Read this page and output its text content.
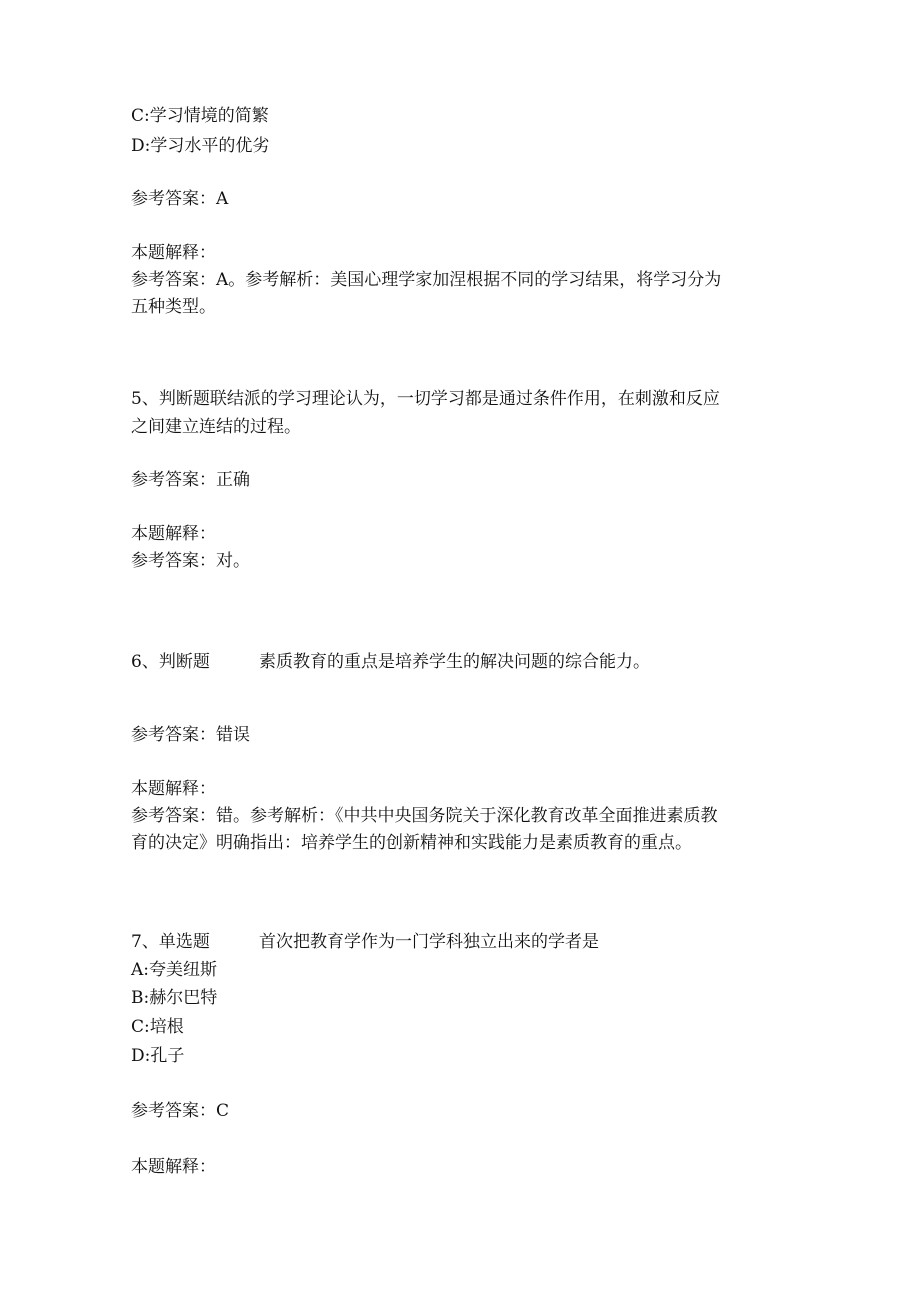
C:学习情境的简繁
D:学习水平的优劣
参考答案：A
本题解释：
参考答案：A。参考解析：美国心理学家加涅根据不同的学习结果，将学习分为
五种类型。
5、判断题联结派的学习理论认为，一切学习都是通过条件作用，在刺激和反应
之间建立连结的过程。
参考答案：正确
本题解释：
参考答案：对。
6、判断题	素质教育的重点是培养学生的解决问题的综合能力。
参考答案：错误
本题解释：
参考答案：错。参考解析：《中共中央国务院关于深化教育改革全面推进素质教
育的决定》明确指出：培养学生的创新精神和实践能力是素质教育的重点。
7、单选题	首次把教育学作为一门学科独立出来的学者是
A:夸美纽斯
B:赫尔巴特
C:培根
D:孔子
参考答案：C
本题解释：
